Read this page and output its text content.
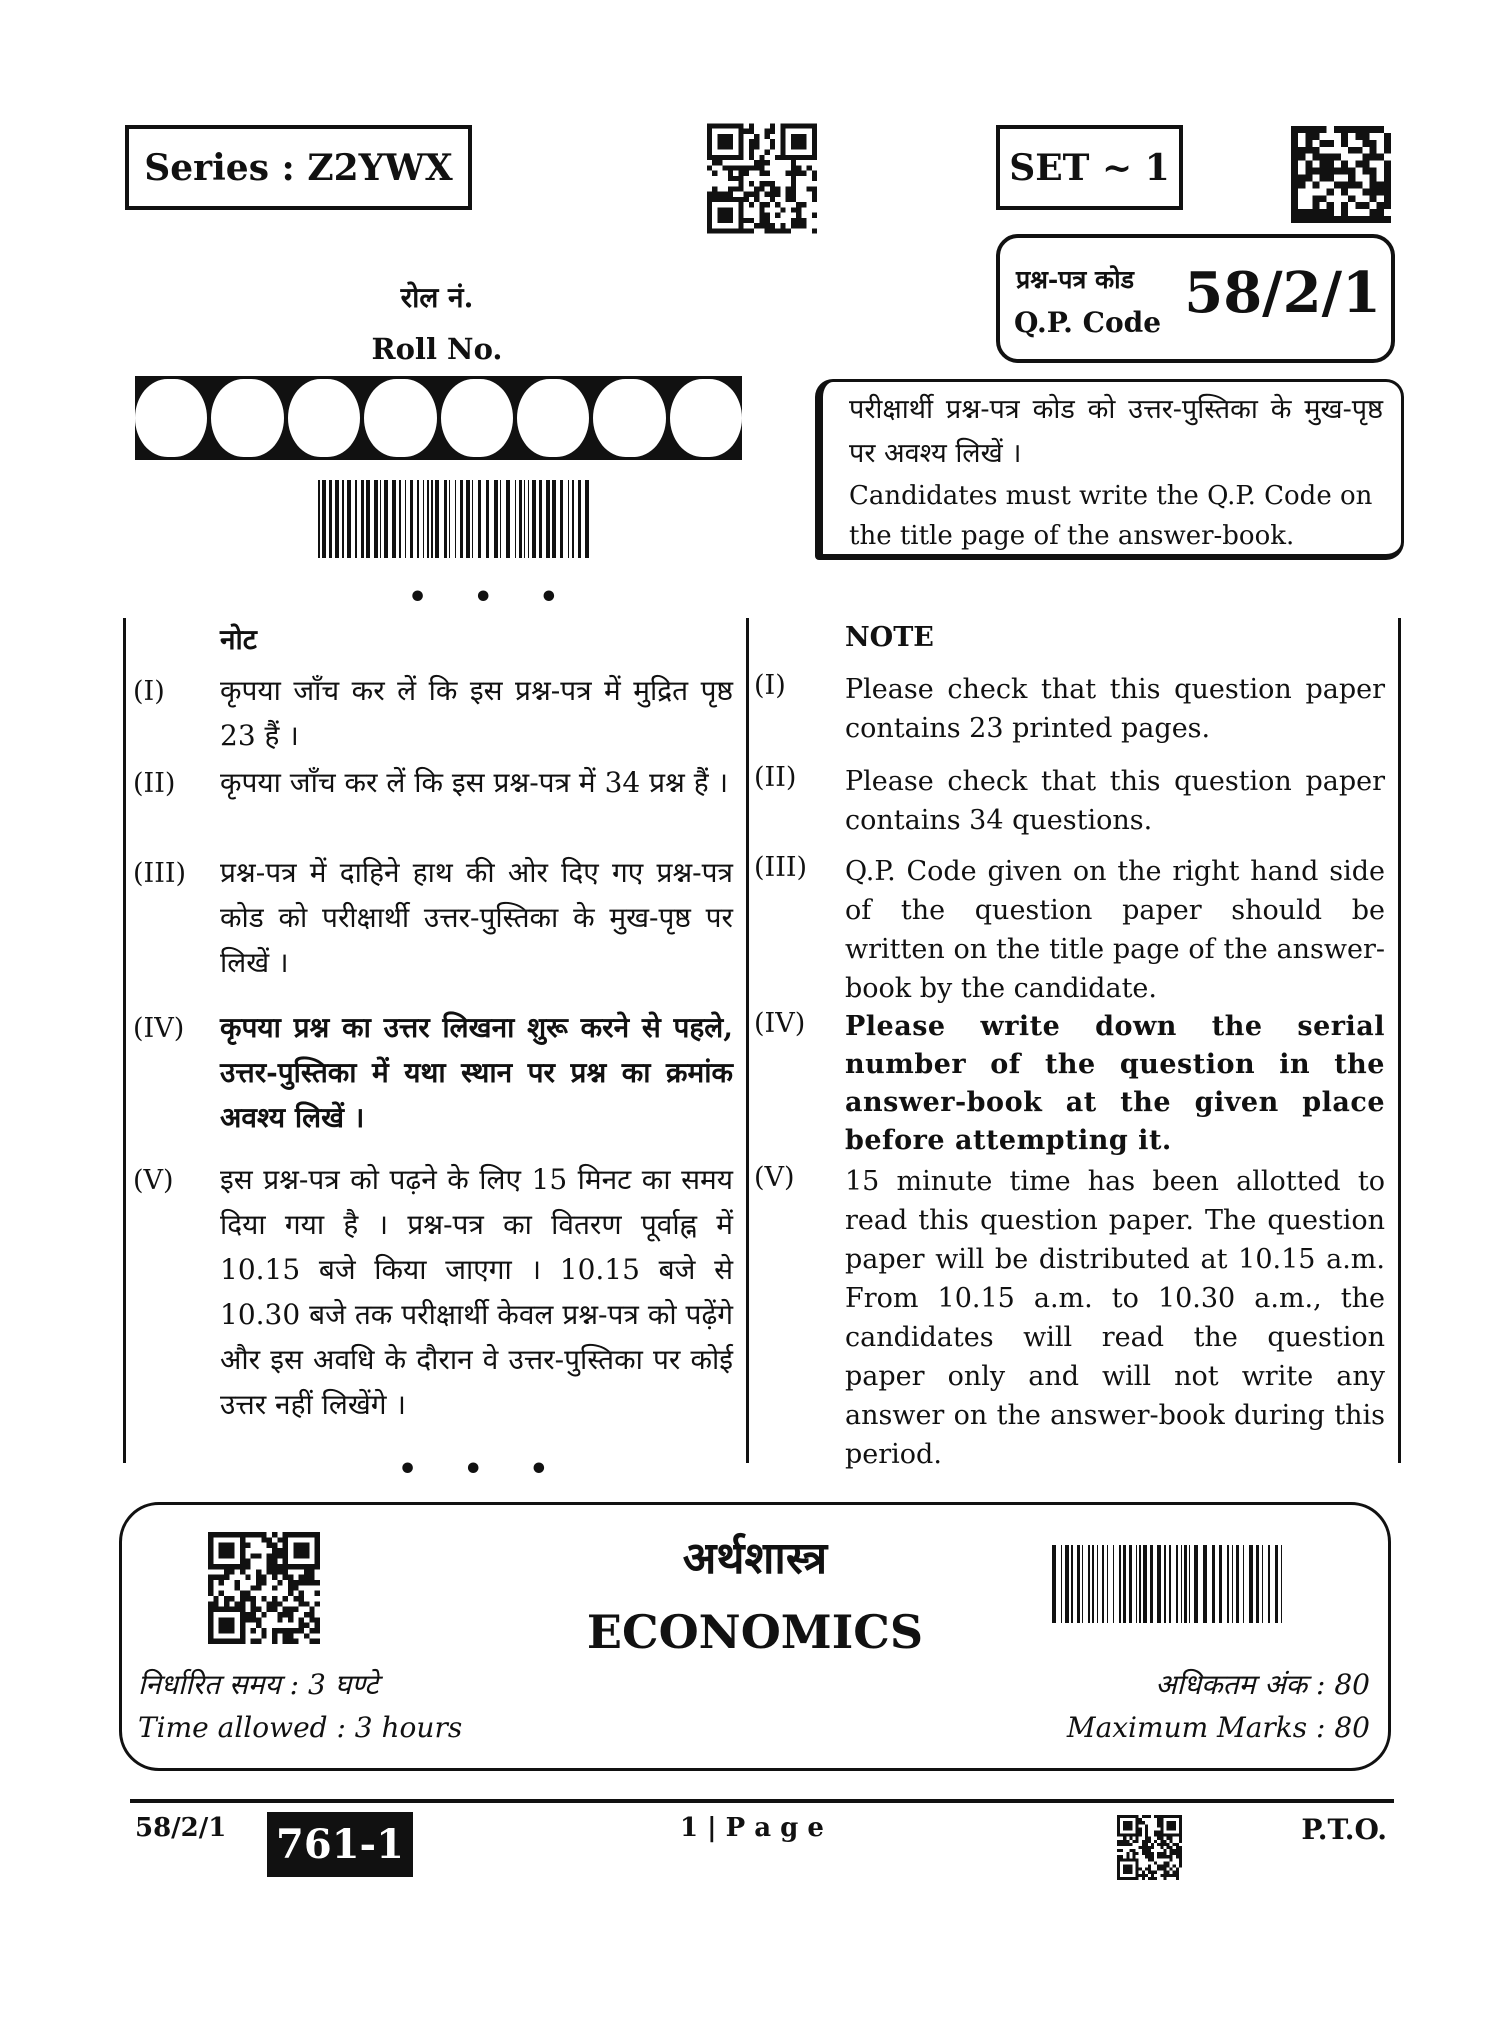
Series : Z2YWX	SET ~ 1
प्रश्न-पत्र कोड
Q.P. Code 58/2/1
रोल नं.
Roll No.
परीक्षार्थी प्रश्न-पत्र कोड को उत्तर-पुस्तिका के मुख-पृष्ठ पर अवश्य लिखें ।
Candidates must write the Q.P. Code on the title page of the answer-book.
• • •
नोट	NOTE
(I) कृपया जाँच कर लें कि इस प्रश्न-पत्र में मुद्रित पृष्ठ 23 हैं ।
(I) Please check that this question paper contains 23 printed pages.
(II) कृपया जाँच कर लें कि इस प्रश्न-पत्र में 34 प्रश्न हैं । (II) Please check that this question paper contains 34 questions.
(III) प्रश्न-पत्र में दाहिने हाथ की ओर दिए गए प्रश्न-पत्र कोड को परीक्षार्थी उत्तर-पुस्तिका के मुख-पृष्ठ पर लिखें ।
(III) Q.P. Code given on the right hand side of the question paper should be written on the title page of the answer-book by the candidate.
(IV) कृपया प्रश्न का उत्तर लिखना शुरू करने से पहले, उत्तर-पुस्तिका में यथा स्थान पर प्रश्न का क्रमांक अवश्य लिखें ।
(IV) Please write down the serial number of the question in the answer-book at the given place before attempting it.
(V) इस प्रश्न-पत्र को पढ़ने के लिए 15 मिनट का समय दिया गया है । प्रश्न-पत्र का वितरण पूर्वाह्न में 10.15 बजे किया जाएगा । 10.15 बजे से 10.30 बजे तक परीक्षार्थी केवल प्रश्न-पत्र को पढ़ेंगे और इस अवधि के दौरान वे उत्तर-पुस्तिका पर कोई उत्तर नहीं लिखेंगे ।
(V) 15 minute time has been allotted to read this question paper. The question paper will be distributed at 10.15 a.m. From 10.15 a.m. to 10.30 a.m., the candidates will read the question paper only and will not write any answer on the answer-book during this period.
• • •
अर्थशास्त्र
ECONOMICS
निर्धारित समय : 3 घण्टे
Time allowed : 3 hours
अधिकतम अंक : 80
Maximum Marks : 80
58/2/1 761-1	1 | P a g e	P.T.O.
